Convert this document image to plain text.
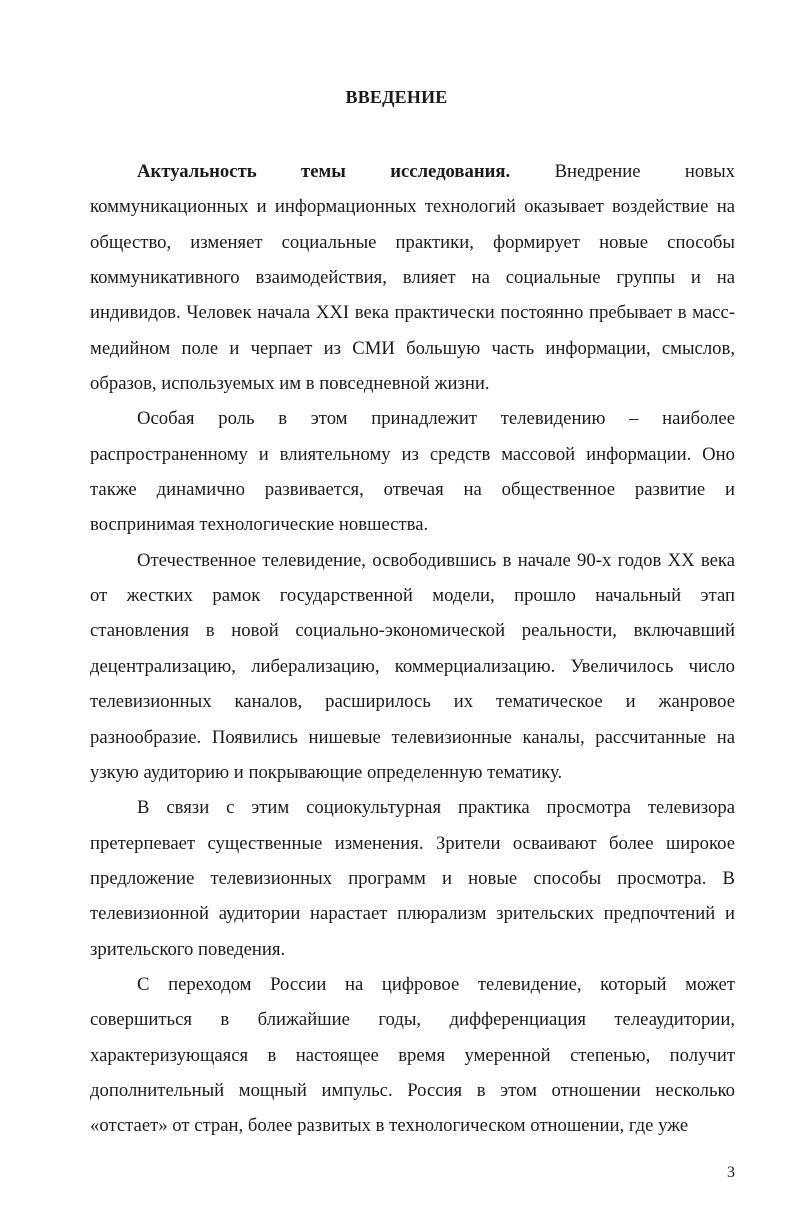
ВВЕДЕНИЕ

Актуальность темы исследования. Внедрение новых коммуникационных и информационных технологий оказывает воздействие на общество, изменяет социальные практики, формирует новые способы коммуникативного взаимодействия, влияет на социальные группы и на индивидов. Человек начала XXI века практически постоянно пребывает в масс-медийном поле и черпает из СМИ большую часть информации, смыслов, образов, используемых им в повседневной жизни.

Особая роль в этом принадлежит телевидению – наиболее распространенному и влиятельному из средств массовой информации. Оно также динамично развивается, отвечая на общественное развитие и воспринимая технологические новшества.

Отечественное телевидение, освободившись в начале 90-х годов XX века от жестких рамок государственной модели, прошло начальный этап становления в новой социально-экономической реальности, включавший децентрализацию, либерализацию, коммерциализацию. Увеличилось число телевизионных каналов, расширилось их тематическое и жанровое разнообразие. Появились нишевые телевизионные каналы, рассчитанные на узкую аудиторию и покрывающие определенную тематику.

В связи с этим социокультурная практика просмотра телевизора претерпевает существенные изменения. Зрители осваивают более широкое предложение телевизионных программ и новые способы просмотра. В телевизионной аудитории нарастает плюрализм зрительских предпочтений и зрительского поведения.

С переходом России на цифровое телевидение, который может совершиться в ближайшие годы, дифференциация телеаудитории, характеризующаяся в настоящее время умеренной степенью, получит дополнительный мощный импульс. Россия в этом отношении несколько «отстает» от стран, более развитых в технологическом отношении, где уже

3
